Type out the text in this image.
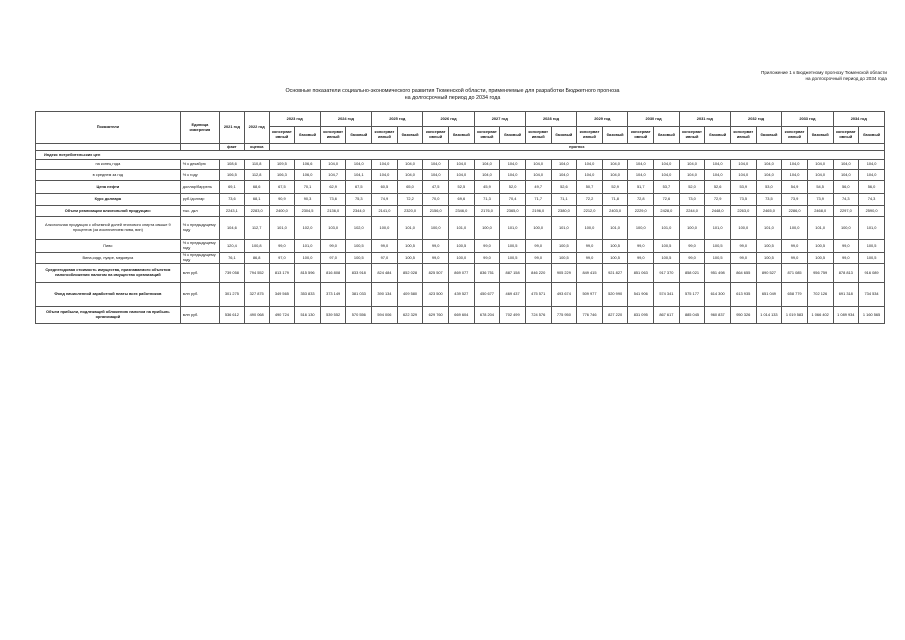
Приложение 1 к Бюджетному прогнозу Тюменской области
на долгосрочный период до 2034 года
Основные показатели социально-экономического развития Тюменской области, применяемые для разработки Бюджетного прогноза
на долгосрочный период до 2034 года
Показатели	Единица измерения	2021 год	2022 год	2023 год		2024 год		2025 год		2026 год		2027 год		2028 год		2029 год		2030 год		2031 год		2032 год		2033 год		2034 год	
				консерват ивный	базовый	консерват ивный	базовый	консерват ивный	базовый	консерват ивный	базовый	консерват ивный	базовый	консерват ивный	базовый	консерват ивный	базовый	консерват ивный	базовый	консерват ивный	базовый	консерват ивный	базовый	консерват ивный	базовый	консерват ивный	базовый
		факт	оценка	прогноз																							
Индекс потребительских цен																											
на конец года	% к декабрю	108,6	110,8	109,5	106,6	104,0	104,0	104,0	104,0	104,0	104,0	104,0	104,0	104,0	104,0	104,0	104,0	104,0	104,0	104,0	104,0	104,0	104,0	104,0	104,0	104,0	104,0
в среднем за год	% к году	106,5	112,8	106,3	106,0	104,7	104,1	104,0	104,0	104,0	104,0	104,0	104,0	104,0	104,0	104,0	104,0	104,0	104,0	104,0	104,0	104,0	104,0	104,0	104,0	104,0	104,0
Цена нефти	доллар/баррель	69,1	68,6	67,5	70,1	62,9	67,5	60,5	65,0	47,5	52,5	45,9	52,0	49,7	52,6	50,7	52,9	51,7	53,7	52,0	52,6	53,9	53,0	54,9	54,5	56,0	56,0
Курс доллара	руб./доллар	73,6	68,1	90,9	90,3	73,6	75,3	74,9	72,2	70,0	69,6	71,3	70,4	71,7	71,1	72,2	71,8	72,8	72,6	73,0	72,9	73,5	73,5	73,9	73,9	74,3	74,3
Объем реализации алкогольной продукции:	тыс. дкл	2243,1	2283,0	2400,0	2304,5	2136,0	2344,0	2141,0	2320,0	2156,0	2346,0	2176,0	2365,0	2196,0	2380,0	2212,0	2403,0	2229,0	2428,0	2244,0	2448,0	2263,0	2465,0	2286,0	2468,0	2297,0	2590,0
Алкогольная продукция с объемной долей этилового спирта свыше 9 процентов (за исключением пива, вин)	% к предыдущему году	104,6	112,7	101,0	102,0	103,0	102,0	100,0	101,0	100,0	101,0	100,0	101,0	100,0	101,0	100,0	101,0	100,0	101,0	100,0	101,0	100,0	101,0	100,0	101,0	100,0	101,0
Пиво	% к предыдущему году	120,4	100,8	99,0	101,0	99,0	100,5	99,0	100,5	99,0	100,5	99,0	100,5	99,0	100,5	99,0	100,5	99,0	100,5	99,0	100,5	99,0	100,5	99,0	100,5	99,0	100,5
Вина,сидр, пуаре, медовуха	% к предыдущему году	76,1	86,8	97,0	100,0	97,0	100,5	97,0	100,5	99,0	100,0	99,0	100,5	99,0	100,5	99,0	100,5	99,0	100,5	99,0	100,5	99,0	100,5	99,0	100,5	99,0	100,5
Среднегодовая стоимость имущества, признаваемого объектом налогообложения налогом на имущество организаций	млн руб.	739 058	794 552	813 179	815 596	816 808	833 918	824 484	852 028	825 507	869 077	836 751	887 158	846 220	905 229	849 415	921 827	851 063	917 370	858 021	951 498	864 655	890 527	871 085	956 759	878 813	916 089
Фонд начисленной заработной платы всех работников	млн руб.	301 275	327 875	349 565	353 833	373 149	381 033	390 134	409 580	423 500	439 527	450 677	469 437	475 571	493 674	509 977	520 990	541 906	574 341	575 177	614 300	613 935	651 049	658 779	702 126	691 318	734 534
Объем прибыли, подлежащей обложению налогом на прибыль организаций	млн руб.	536 612	490 068	490 724	516 130	539 552	570 556	594 006	622 329	629 760	669 604	678 204	702 499	724 576	775 950	776 746	827 220	831 095	867 617	885 045	960 837	950 326	1 014 133	1 019 583	1 066 402	1 089 934	1 160 565
